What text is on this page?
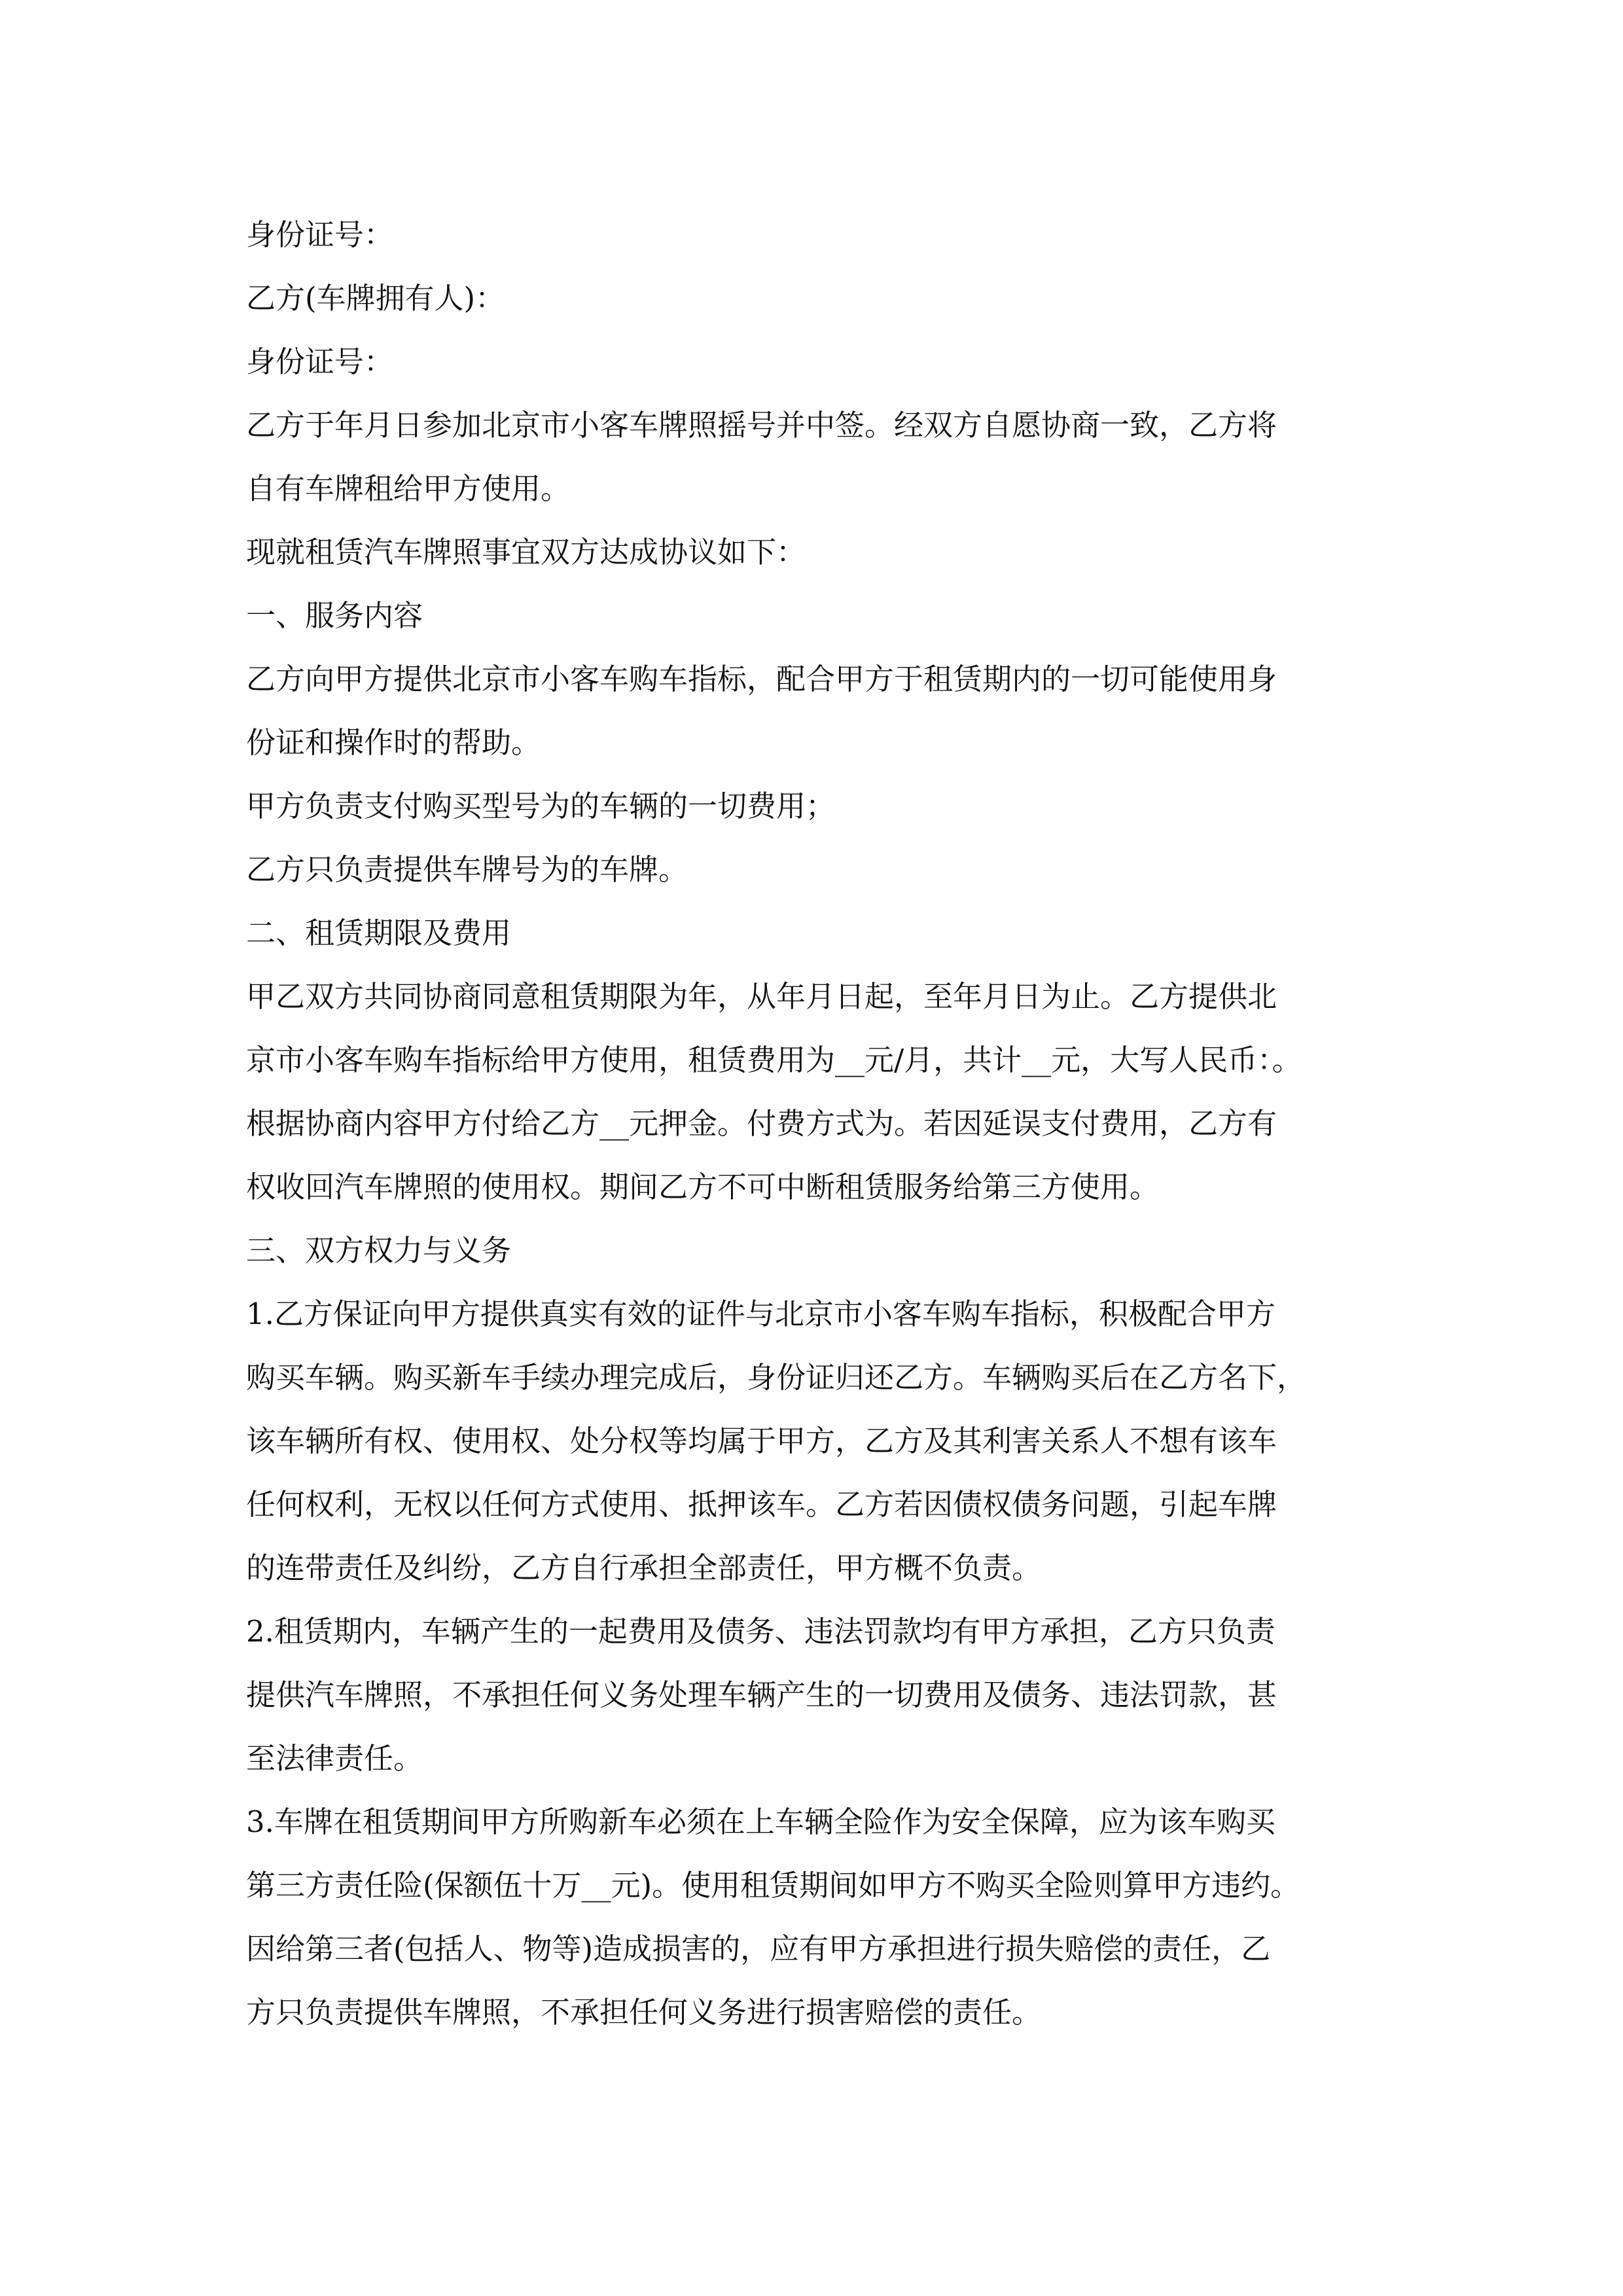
身份证号：
乙方(车牌拥有人)：
身份证号：
乙方于年月日参加北京市小客车牌照摇号并中签。经双方自愿协商一致，乙方将
自有车牌租给甲方使用。
现就租赁汽车牌照事宜双方达成协议如下：
一、服务内容
乙方向甲方提供北京市小客车购车指标，配合甲方于租赁期内的一切可能使用身
份证和操作时的帮助。
甲方负责支付购买型号为的车辆的一切费用；
乙方只负责提供车牌号为的车牌。
二、租赁期限及费用
甲乙双方共同协商同意租赁期限为年，从年月日起，至年月日为止。乙方提供北
京市小客车购车指标给甲方使用，租赁费用为__元/月，共计__元，大写人民币：。
根据协商内容甲方付给乙方__元押金。付费方式为。若因延误支付费用，乙方有
权收回汽车牌照的使用权。期间乙方不可中断租赁服务给第三方使用。
三、双方权力与义务
1.乙方保证向甲方提供真实有效的证件与北京市小客车购车指标，积极配合甲方
购买车辆。购买新车手续办理完成后，身份证归还乙方。车辆购买后在乙方名下，
该车辆所有权、使用权、处分权等均属于甲方，乙方及其利害关系人不想有该车
任何权利，无权以任何方式使用、抵押该车。乙方若因债权债务问题，引起车牌
的连带责任及纠纷，乙方自行承担全部责任，甲方概不负责。
2.租赁期内，车辆产生的一起费用及债务、违法罚款均有甲方承担，乙方只负责
提供汽车牌照，不承担任何义务处理车辆产生的一切费用及债务、违法罚款，甚
至法律责任。
3.车牌在租赁期间甲方所购新车必须在上车辆全险作为安全保障，应为该车购买
第三方责任险(保额伍十万__元)。使用租赁期间如甲方不购买全险则算甲方违约。
因给第三者(包括人、物等)造成损害的，应有甲方承担进行损失赔偿的责任，乙
方只负责提供车牌照，不承担任何义务进行损害赔偿的责任。
